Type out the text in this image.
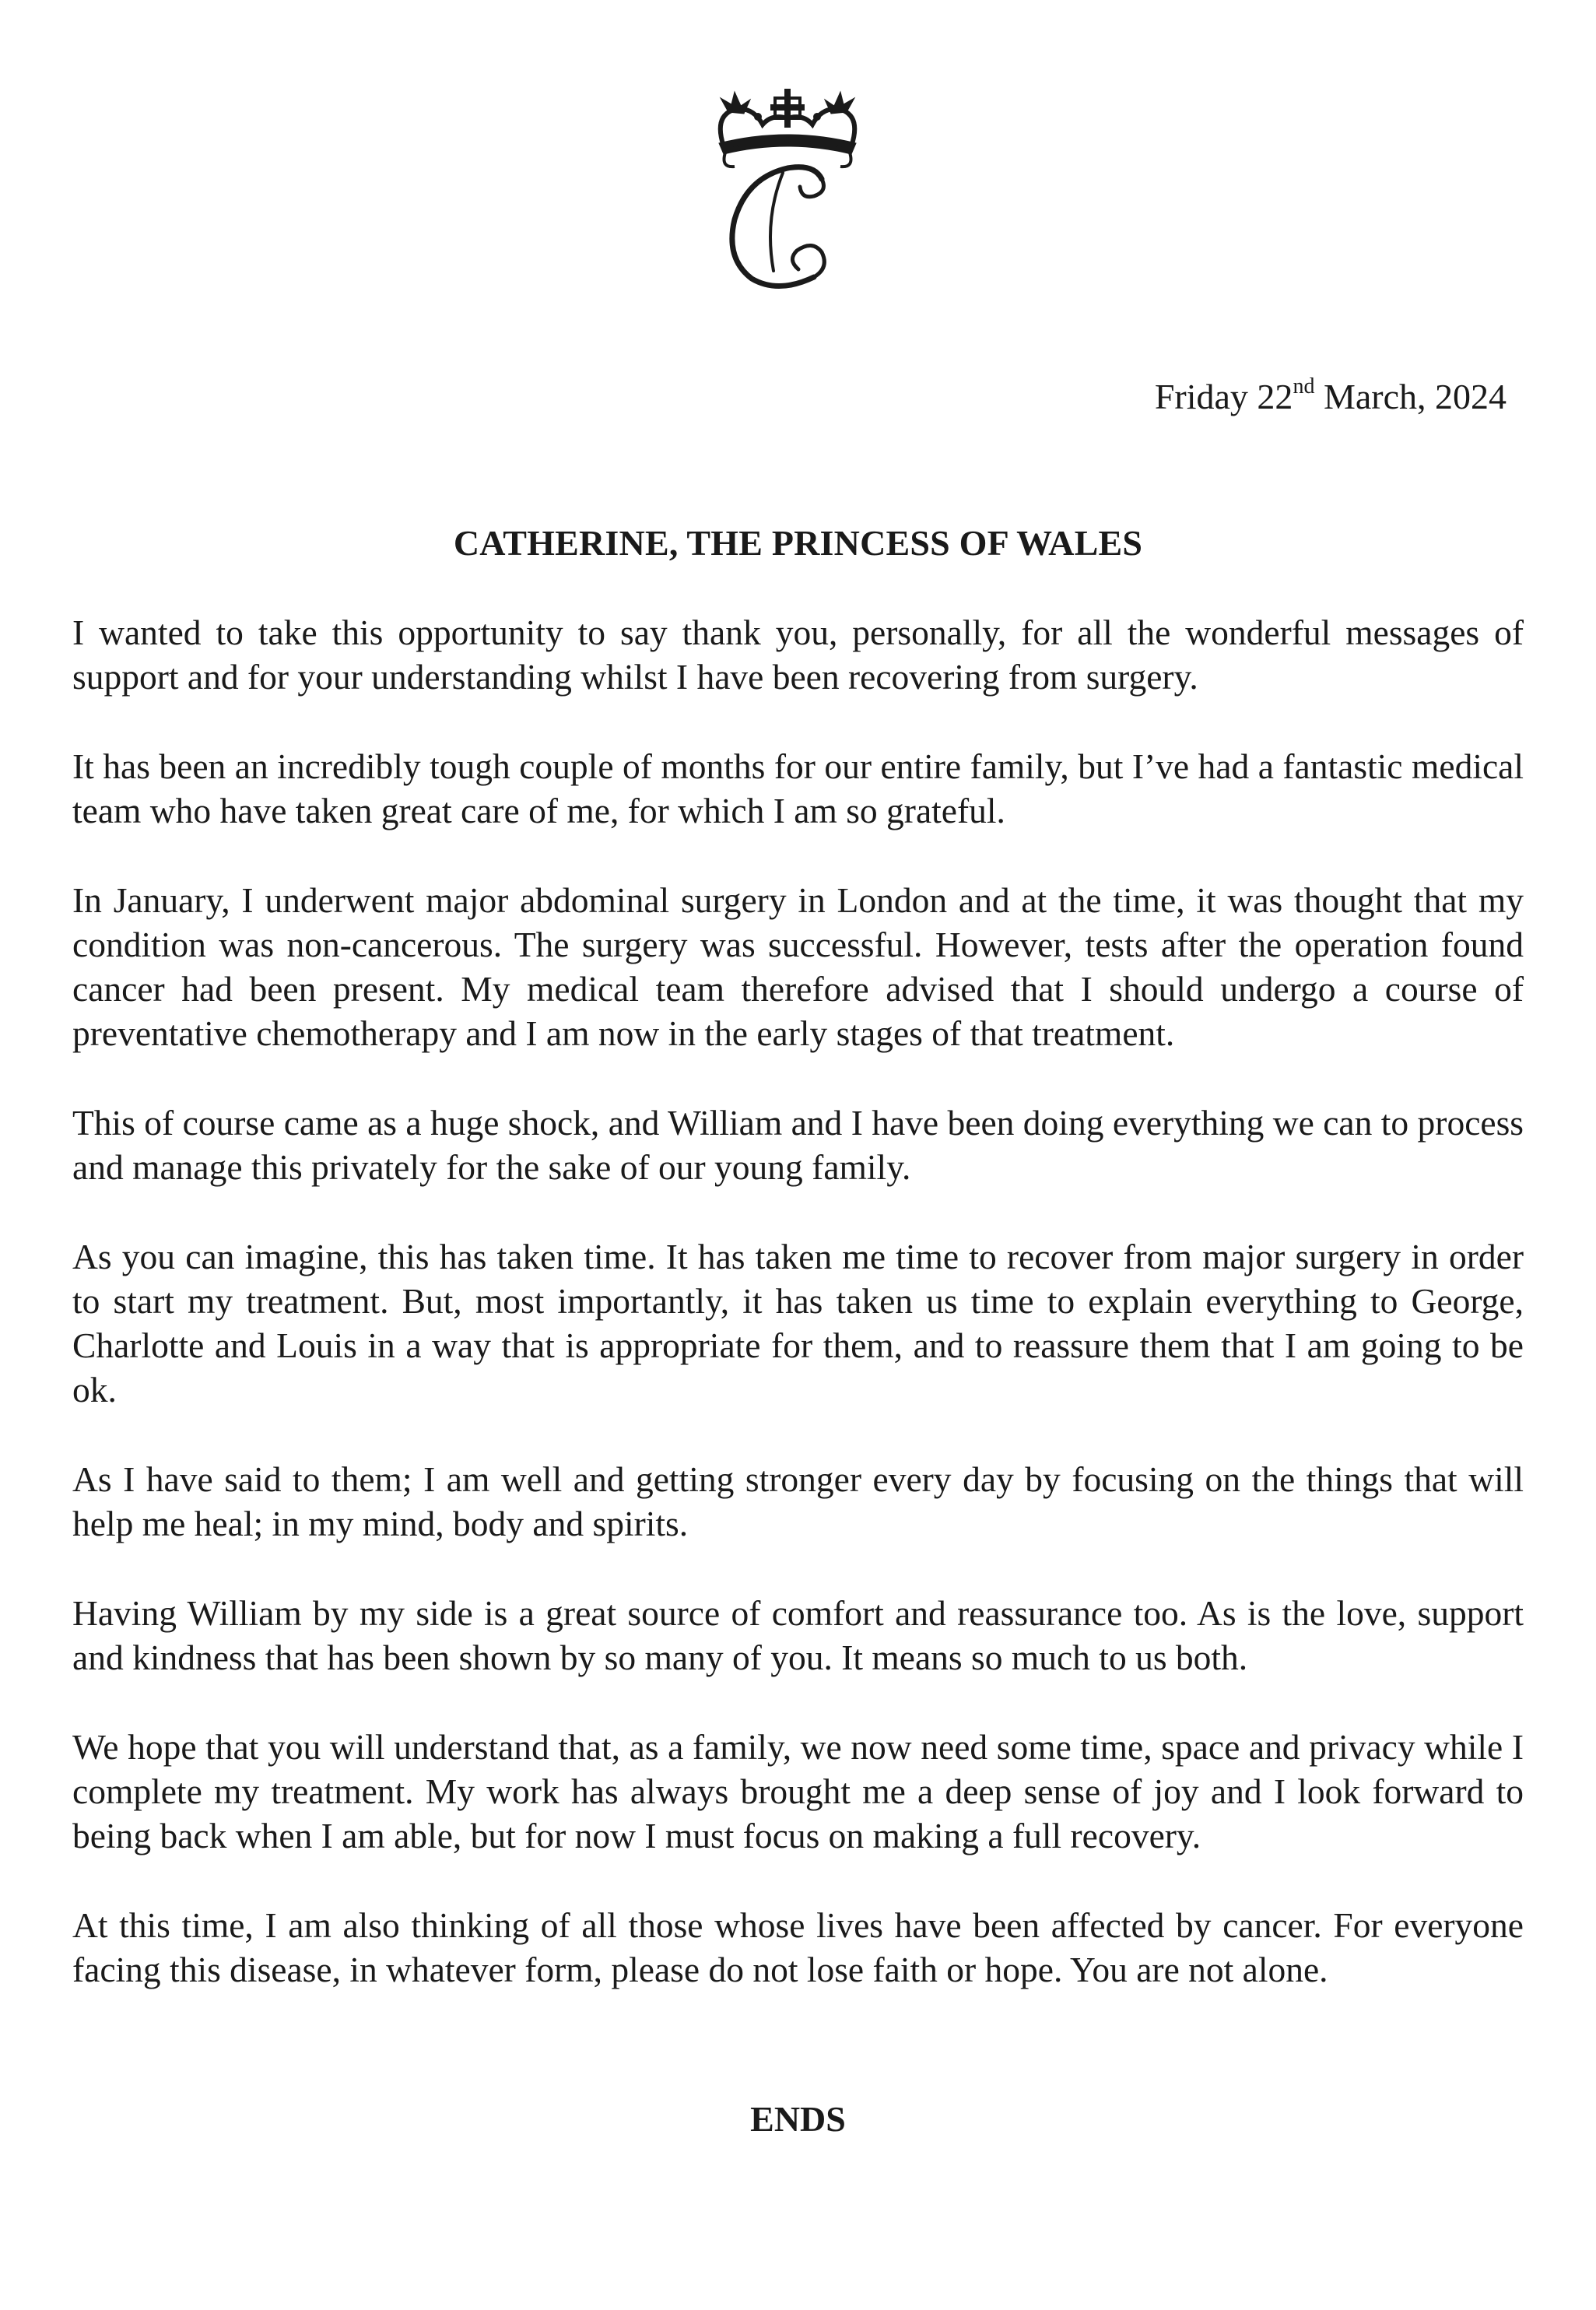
Friday 22nd March, 2024
CATHERINE, THE PRINCESS OF WALES

I wanted to take this opportunity to say thank you, personally, for all the wonderful messages of support and for your understanding whilst I have been recovering from surgery.

It has been an incredibly tough couple of months for our entire family, but I’ve had a fantastic medical team who have taken great care of me, for which I am so grateful.

In January, I underwent major abdominal surgery in London and at the time, it was thought that my condition was non-cancerous. The surgery was successful. However, tests after the operation found cancer had been present. My medical team therefore advised that I should undergo a course of preventative chemotherapy and I am now in the early stages of that treatment.

This of course came as a huge shock, and William and I have been doing everything we can to process and manage this privately for the sake of our young family.

As you can imagine, this has taken time. It has taken me time to recover from major surgery in order to start my treatment. But, most importantly, it has taken us time to explain everything to George, Charlotte and Louis in a way that is appropriate for them, and to reassure them that I am going to be ok.

As I have said to them; I am well and getting stronger every day by focusing on the things that will help me heal; in my mind, body and spirits.

Having William by my side is a great source of comfort and reassurance too. As is the love, support and kindness that has been shown by so many of you. It means so much to us both.

We hope that you will understand that, as a family, we now need some time, space and privacy while I complete my treatment. My work has always brought me a deep sense of joy and I look forward to being back when I am able, but for now I must focus on making a full recovery.

At this time, I am also thinking of all those whose lives have been affected by cancer. For everyone facing this disease, in whatever form, please do not lose faith or hope. You are not alone.

ENDS
